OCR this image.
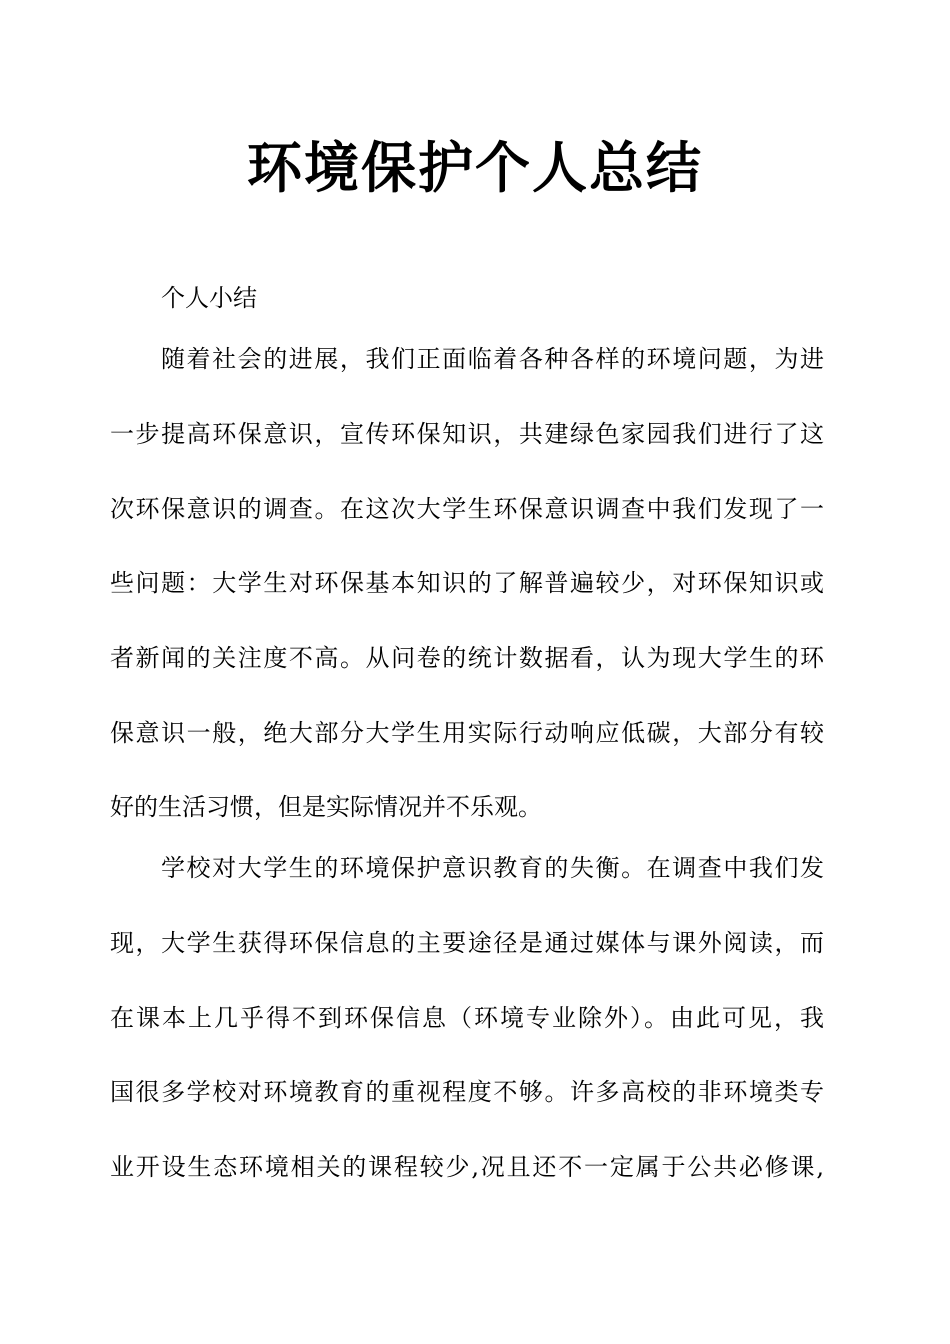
环境保护个人总结
个人小结
随着社会的进展，我们正面临着各种各样的环境问题，为进
一步提高环保意识，宣传环保知识，共建绿色家园我们进行了这
次环保意识的调查。在这次大学生环保意识调查中我们发现了一
些问题：大学生对环保基本知识的了解普遍较少，对环保知识或
者新闻的关注度不高。从问卷的统计数据看，认为现大学生的环
保意识一般，绝大部分大学生用实际行动响应低碳，大部分有较
好的生活习惯，但是实际情况并不乐观。
学校对大学生的环境保护意识教育的失衡。在调查中我们发
现，大学生获得环保信息的主要途径是通过媒体与课外阅读，而
在课本上几乎得不到环保信息（环境专业除外）。由此可见，我
国很多学校对环境教育的重视程度不够。许多高校的非环境类专
业开设生态环境相关的课程较少,况且还不一定属于公共必修课,
